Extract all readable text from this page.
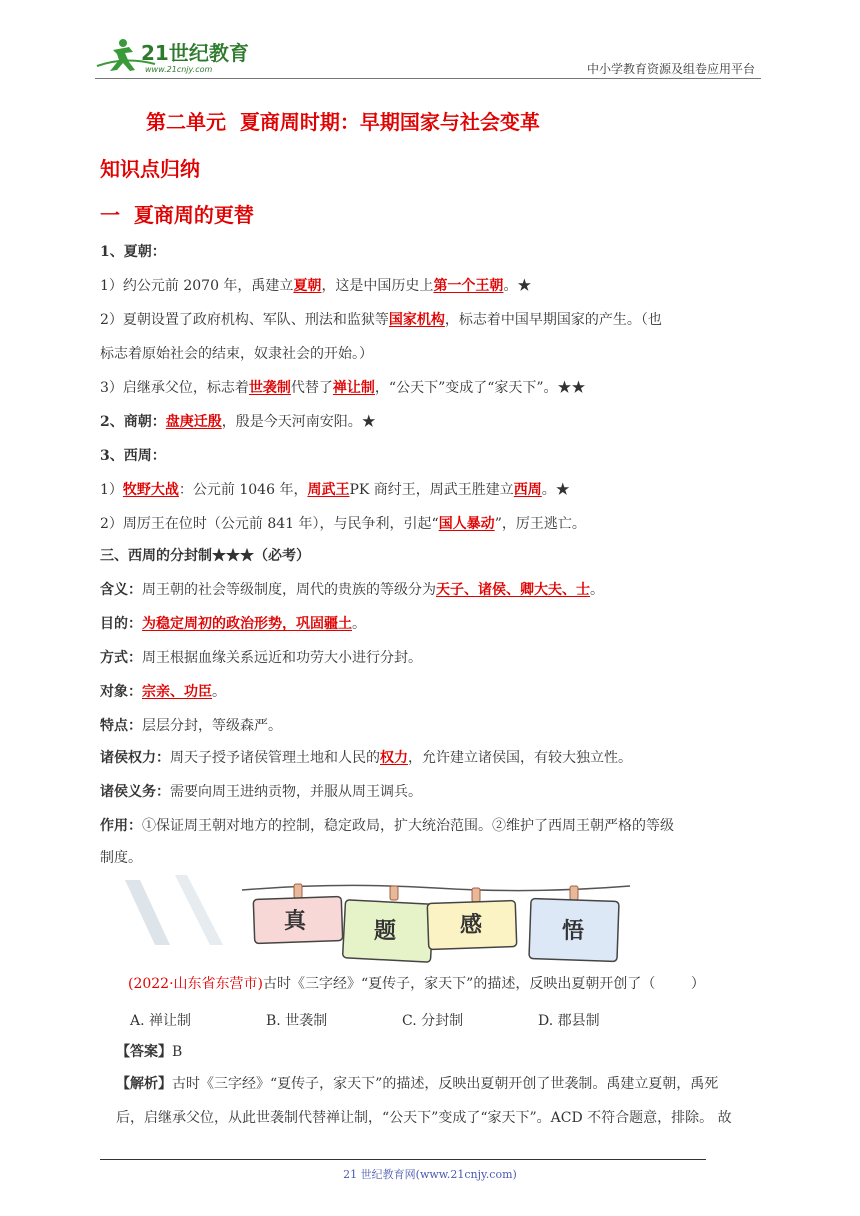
21世纪教育
www.21cnjy.com	中小学教育资源及组卷应用平台
第二单元  夏商周时期：早期国家与社会变革
知识点归纳
一  夏商周的更替
1、夏朝：
1）约公元前 2070 年，禹建立夏朝，这是中国历史上第一个王朝。★
2）夏朝设置了政府机构、军队、刑法和监狱等国家机构，标志着中国早期国家的产生。（也
标志着原始社会的结束，奴隶社会的开始。）
3）启继承父位，标志着世袭制代替了禅让制，“公天下”变成了“家天下”。★★
2、商朝：盘庚迁殷，殷是今天河南安阳。★
3、西周：
1）牧野大战：公元前 1046 年，周武王PK 商纣王，周武王胜建立西周。★
2）周厉王在位时（公元前 841 年），与民争利，引起“国人暴动”，厉王逃亡。
三、西周的分封制★★★（必考）
含义：周王朝的社会等级制度，周代的贵族的等级分为天子、诸侯、卿大夫、士。
目的：为稳定周初的政治形势，巩固疆土。
方式：周王根据血缘关系远近和功劳大小进行分封。
对象：宗亲、功臣。
特点：层层分封，等级森严。
诸侯权力：周天子授予诸侯管理土地和人民的权力，允许建立诸侯国，有较大独立性。
诸侯义务：需要向周王进纳贡物，并服从周王调兵。
作用：①保证周王朝对地方的控制，稳定政局，扩大统治范围。②维护了西周王朝严格的等级
制度。
真	题	感	悟
(2022·山东省东营市)古时《三字经》“夏传子，家天下”的描述，反映出夏朝开创了（        ）
A. 禅让制	B. 世袭制	C. 分封制	D. 郡县制
【答案】B
【解析】古时《三字经》“夏传子，家天下”的描述，反映出夏朝开创了世袭制。禹建立夏朝，禹死
后，启继承父位，从此世袭制代替禅让制，“公天下”变成了“家天下”。ACD 不符合题意，排除。 故
21 世纪教育网(www.21cnjy.com)
